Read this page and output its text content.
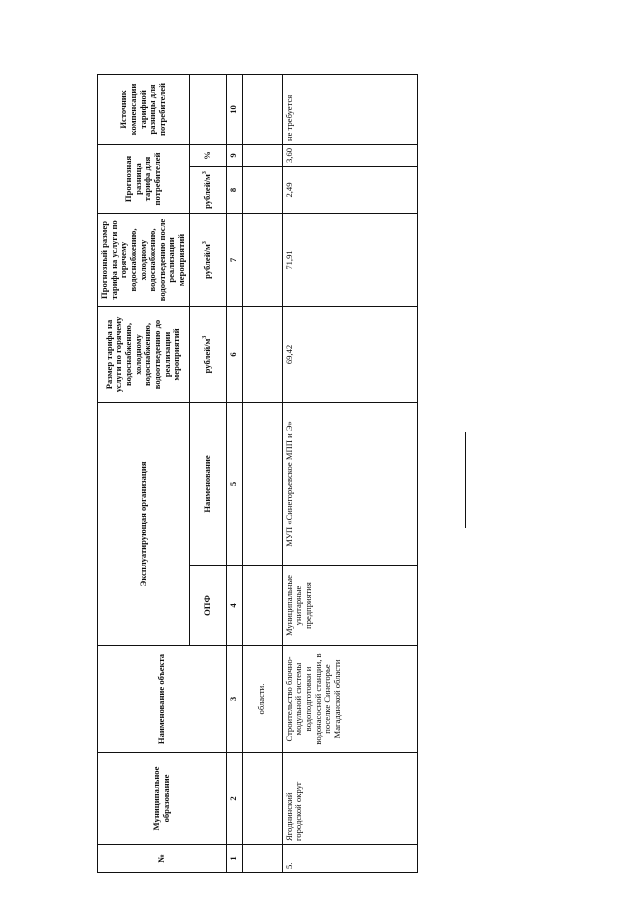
№	Муниципальное образование	Наименование объекта	Эксплуатирующая организация		Размер тарифа на услуги по горячему водоснабжению, холодному водоснабжению, водоотведению до реализации мероприятий	Прогнозный размер тарифа на услуги по горячему водоснабжению, холодному водоснабжению, водоотведению после реализации мероприятий	Прогнозная разница тарифа для потребителей		Источник компенсации тарифной разницы для потребителей
			ОПФ	Наименование	рублей/$м^3$	рублей/$м^3$	рублей/$м^3$	%	
1	2	3	4	5	6	7	8	9	10
		области.							
5.	Ягоднинский городской округ	Строительство блочно-модульной системы водоподготовки и водонасосной станции, в поселке Синегорье Магаданской области	Муниципальные унитарные предприятия	МУП «Синегорьевское МПП и Э»	69,42	71,91	2,49	3,60	не требуется
